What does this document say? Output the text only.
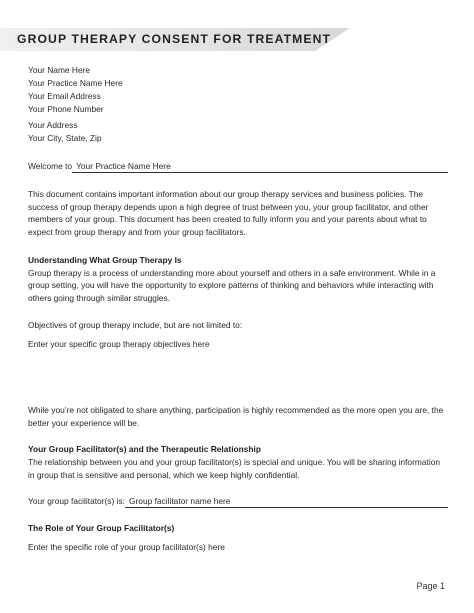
GROUP THERAPY CONSENT FOR TREATMENT
Your Name Here
Your Practice Name Here
Your Email Address
Your Phone Number
Your Address
Your City, State, Zip
Welcome to Your Practice Name Here

This document contains important information about our group therapy services and business policies. The success of group therapy depends upon a high degree of trust between you, your group facilitator, and other members of your group. This document has been created to fully inform you and your parents about what to expect from group therapy and from your group facilitators.

Understanding What Group Therapy Is

Group therapy is a process of understanding more about yourself and others in a safe environment. While in a group setting, you will have the opportunity to explore patterns of thinking and behaviors while interacting with others going through similar struggles.

Objectives of group therapy include, but are not limited to:

Enter your specific group therapy objectives here

While you’re not obligated to share anything, participation is highly recommended as the more open you are, the better your experience will be.

Your Group Facilitator(s) and the Therapeutic Relationship

The relationship between you and your group facilitator(s) is special and unique. You will be sharing information in group that is sensitive and personal, which we keep highly confidential.

Your group facilitator(s) is: Group facilitator name here

The Role of Your Group Facilitator(s)

Enter the specific role of your group facilitator(s) here

Page 1
